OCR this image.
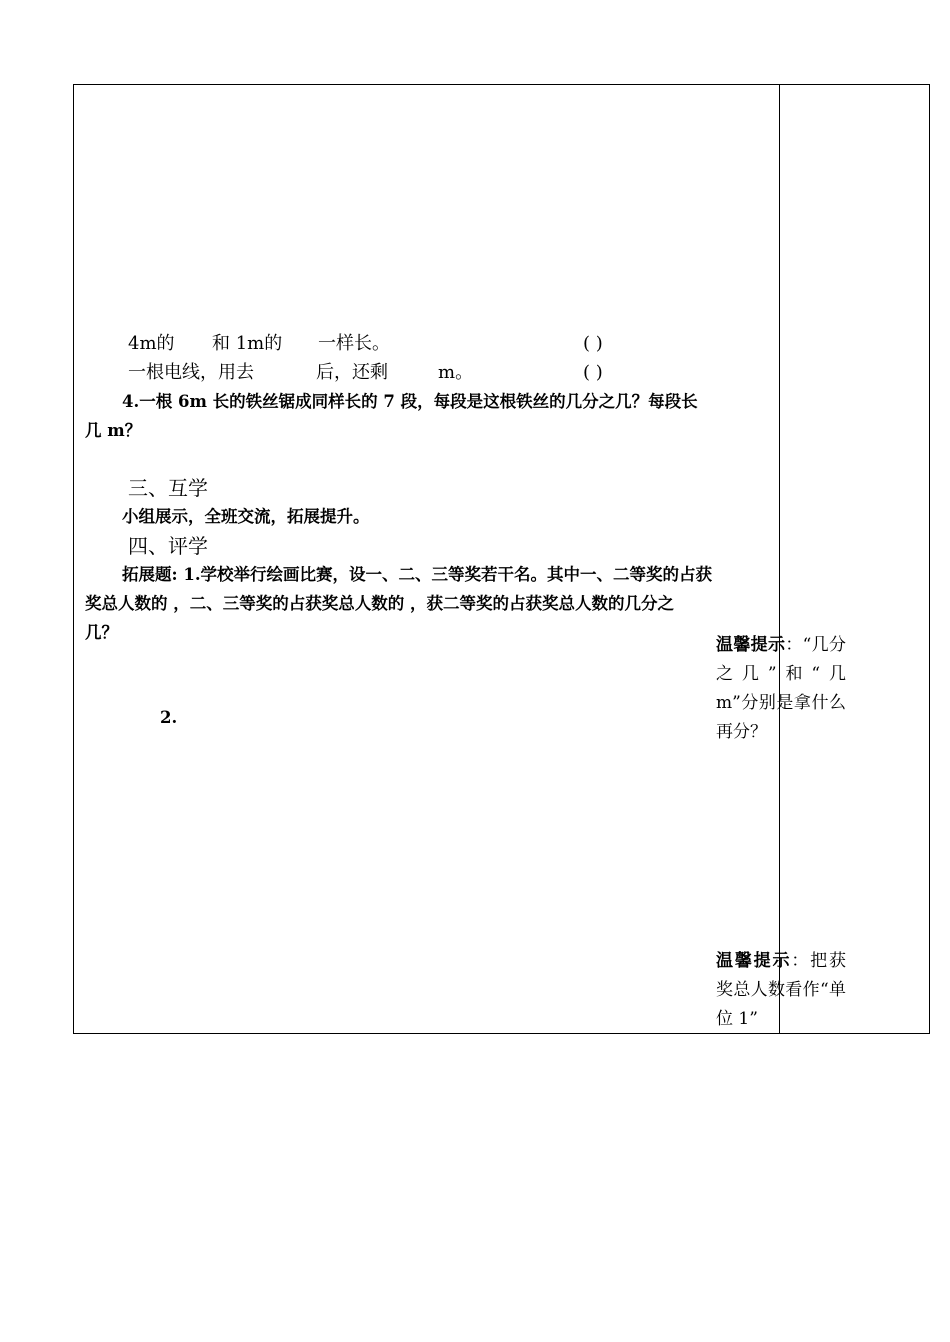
4m的 和 1m的 一样长。	( )
一根电线，用去	后，还剩	m。	( )
4.一根 6m 长的铁丝锯成同样长的 7 段，每段是这根铁丝的几分之几？每段长
几 m？
三、互学
小组展示，全班交流，拓展提升。
四、评学
拓展题: 1.学校举行绘画比赛，设一、二、三等奖若干名。其中一、二等奖的占获
奖总人数的 ，二、三等奖的占获奖总人数的 ，获二等奖的占获奖总人数的几分之
几？
2.
温馨提示：“几分之几”和“几 m”分别是拿什么再分？
温馨提示：把获奖总人数看作“单位 1”
